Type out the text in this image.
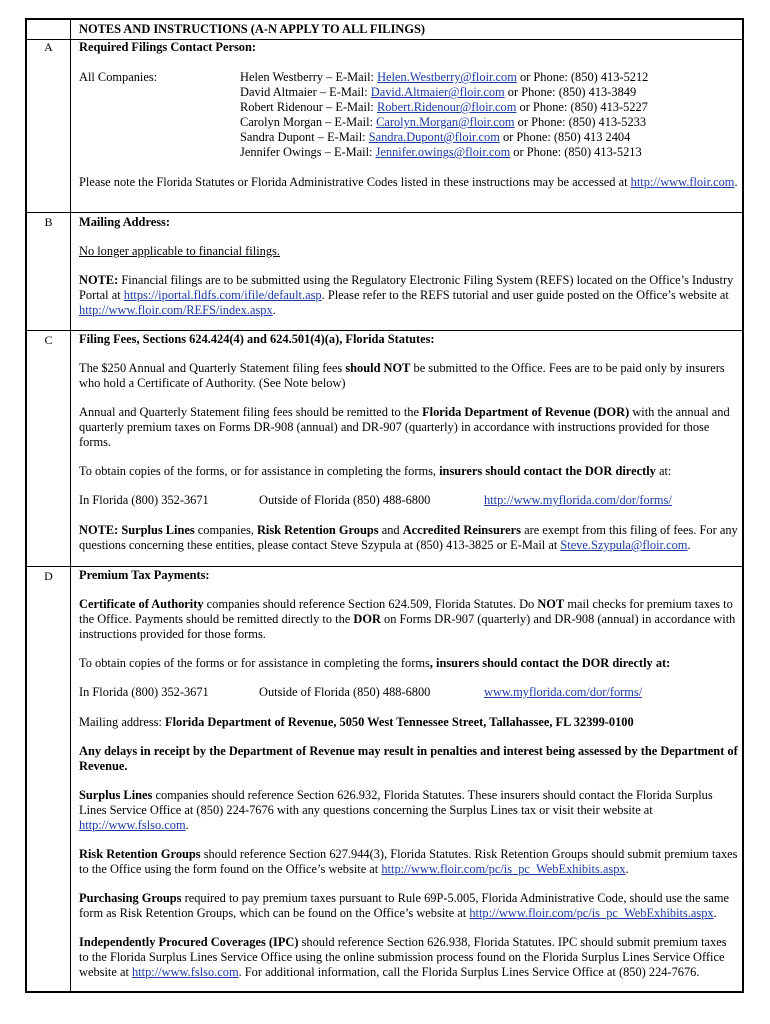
NOTES AND INSTRUCTIONS (A-N APPLY TO ALL FILINGS)
A	Required Filings Contact Person:

All Companies:	Helen Westberry – E-Mail: Helen.Westberry@floir.com or Phone: (850) 413-5212
David Altmaier – E-Mail: David.Altmaier@floir.com or Phone: (850) 413-3849
Robert Ridenour – E-Mail: Robert.Ridenour@floir.com or Phone: (850) 413-5227
Carolyn Morgan – E-Mail: Carolyn.Morgan@floir.com or Phone: (850) 413-5233
Sandra Dupont – E-Mail: Sandra.Dupont@floir.com or Phone: (850) 413 2404
Jennifer Owings – E-Mail: Jennifer.owings@floir.com or Phone: (850) 413-5213

Please note the Florida Statutes or Florida Administrative Codes listed in these instructions may be accessed at http://www.floir.com.

B	Mailing Address:

No longer applicable to financial filings.

NOTE: Financial filings are to be submitted using the Regulatory Electronic Filing System (REFS) located on the Office’s Industry Portal at https://iportal.fldfs.com/ifile/default.asp. Please refer to the REFS tutorial and user guide posted on the Office’s website at http://www.floir.com/REFS/index.aspx.

C	Filing Fees, Sections 624.424(4) and 624.501(4)(a), Florida Statutes:

The $250 Annual and Quarterly Statement filing fees should NOT be submitted to the Office. Fees are to be paid only by insurers who hold a Certificate of Authority. (See Note below)

Annual and Quarterly Statement filing fees should be remitted to the Florida Department of Revenue (DOR) with the annual and quarterly premium taxes on Forms DR-908 (annual) and DR-907 (quarterly) in accordance with instructions provided for those forms.

To obtain copies of the forms, or for assistance in completing the forms, insurers should contact the DOR directly at:

In Florida (800) 352-3671	Outside of Florida (850) 488-6800	http://www.myflorida.com/dor/forms/

NOTE: Surplus Lines companies, Risk Retention Groups and Accredited Reinsurers are exempt from this filing of fees. For any questions concerning these entities, please contact Steve Szypula at (850) 413-3825 or E-Mail at Steve.Szypula@floir.com.

D	Premium Tax Payments:

Certificate of Authority companies should reference Section 624.509, Florida Statutes. Do NOT mail checks for premium taxes to the Office. Payments should be remitted directly to the DOR on Forms DR-907 (quarterly) and DR-908 (annual) in accordance with instructions provided for those forms.

To obtain copies of the forms or for assistance in completing the forms, insurers should contact the DOR directly at:

In Florida (800) 352-3671	Outside of Florida (850) 488-6800	www.myflorida.com/dor/forms/

Mailing address: Florida Department of Revenue, 5050 West Tennessee Street, Tallahassee, FL 32399-0100

Any delays in receipt by the Department of Revenue may result in penalties and interest being assessed by the Department of Revenue.

Surplus Lines companies should reference Section 626.932, Florida Statutes. These insurers should contact the Florida Surplus Lines Service Office at (850) 224-7676 with any questions concerning the Surplus Lines tax or visit their website at http://www.fslso.com.

Risk Retention Groups should reference Section 627.944(3), Florida Statutes. Risk Retention Groups should submit premium taxes to the Office using the form found on the Office’s website at http://www.floir.com/pc/is_pc_WebExhibits.aspx.

Purchasing Groups required to pay premium taxes pursuant to Rule 69P-5.005, Florida Administrative Code, should use the same form as Risk Retention Groups, which can be found on the Office’s website at http://www.floir.com/pc/is_pc_WebExhibits.aspx.

Independently Procured Coverages (IPC) should reference Section 626.938, Florida Statutes. IPC should submit premium taxes to the Florida Surplus Lines Service Office using the online submission process found on the Florida Surplus Lines Service Office website at http://www.fslso.com. For additional information, call the Florida Surplus Lines Service Office at (850) 224-7676.
